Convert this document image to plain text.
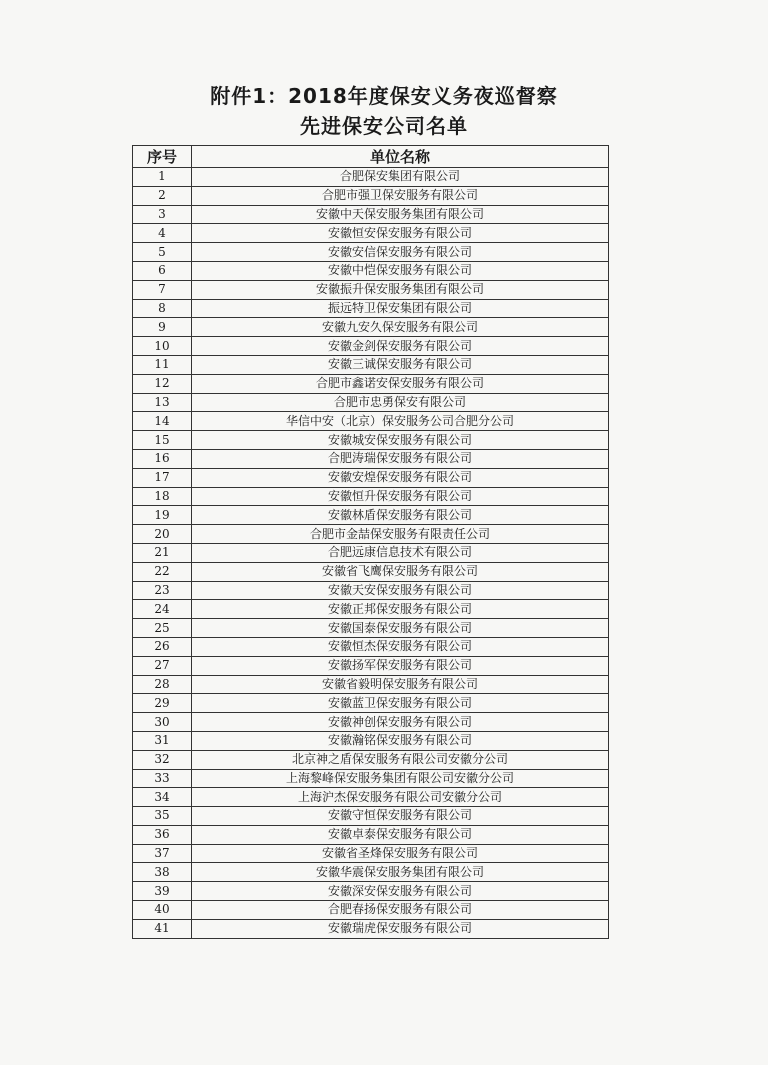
附件1：2018年度保安义务夜巡督察
先进保安公司名单
序号	单位名称
1	合肥保安集团有限公司
2	合肥市强卫保安服务有限公司
3	安徽中天保安服务集团有限公司
4	安徽恒安保安服务有限公司
5	安徽安信保安服务有限公司
6	安徽中恺保安服务有限公司
7	安徽振升保安服务集团有限公司
8	振远特卫保安集团有限公司
9	安徽九安久保安服务有限公司
10	安徽金剑保安服务有限公司
11	安徽三诚保安服务有限公司
12	合肥市鑫诺安保安服务有限公司
13	合肥市忠勇保安有限公司
14	华信中安（北京）保安服务公司合肥分公司
15	安徽城安保安服务有限公司
16	合肥涛瑞保安服务有限公司
17	安徽安煌保安服务有限公司
18	安徽恒升保安服务有限公司
19	安徽林盾保安服务有限公司
20	合肥市金喆保安服务有限责任公司
21	合肥远康信息技术有限公司
22	安徽省飞鹰保安服务有限公司
23	安徽天安保安服务有限公司
24	安徽正邦保安服务有限公司
25	安徽国泰保安服务有限公司
26	安徽恒杰保安服务有限公司
27	安徽扬军保安服务有限公司
28	安徽省毅明保安服务有限公司
29	安徽蓝卫保安服务有限公司
30	安徽神创保安服务有限公司
31	安徽瀚铭保安服务有限公司
32	北京神之盾保安服务有限公司安徽分公司
33	上海黎峰保安服务集团有限公司安徽分公司
34	上海沪杰保安服务有限公司安徽分公司
35	安徽守恒保安服务有限公司
36	安徽卓泰保安服务有限公司
37	安徽省圣烽保安服务有限公司
38	安徽华震保安服务集团有限公司
39	安徽深安保安服务有限公司
40	合肥春扬保安服务有限公司
41	安徽瑞虎保安服务有限公司
